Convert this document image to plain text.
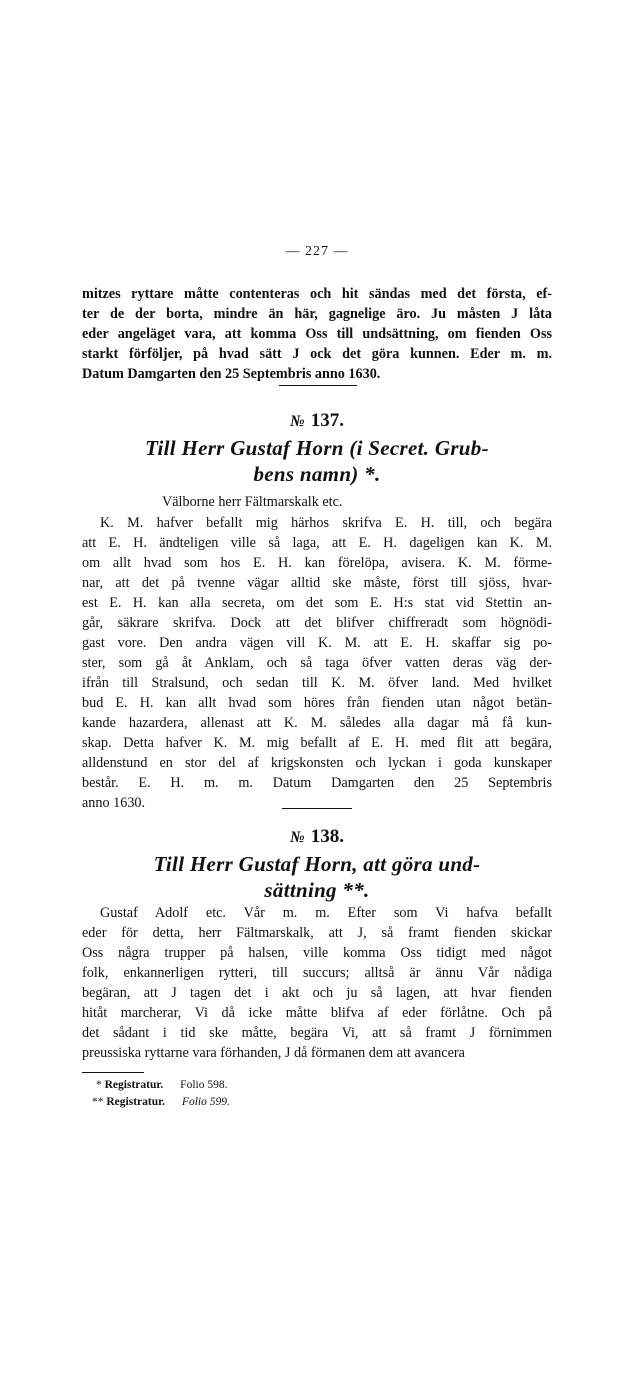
— 227 —
mitzes ryttare måtte contenteras och hit sändas med det första, ef-
ter de der borta, mindre än här, gagnelige äro. Ju måsten J låta
eder angeläget vara, att komma Oss till undsättning, om fienden Oss
starkt förföljer, på hvad sätt J ock det göra kunnen. Eder m. m.
Datum Damgarten den 25 Septembris anno 1630.
№ 137.
Till Herr Gustaf Horn (i Secret. Grub-
bens namn) *.
Välborne herr Fältmarskalk etc.
K. M. hafver befallt mig härhos skrifva E. H. till, och begära
att E. H. ändteligen ville så laga, att E. H. dageligen kan K. M.
om allt hvad som hos E. H. kan förelöpa, avisera. K. M. förme-
nar, att det på tvenne vägar alltid ske måste, först till sjöss, hvar-
est E. H. kan alla secreta, om det som E. H:s stat vid Stettin an-
går, säkrare skrifva. Dock att det blifver chiffreradt som högnödi-
gast vore. Den andra vägen vill K. M. att E. H. skaffar sig po-
ster, som gå åt Anklam, och så taga öfver vatten deras väg der-
ifrån till Stralsund, och sedan till K. M. öfver land. Med hvilket
bud E. H. kan allt hvad som höres från fienden utan något betän-
kande hazardera, allenast att K. M. således alla dagar må få kun-
skap. Detta hafver K. M. mig befallt af E. H. med flit att begära,
alldenstund en stor del af krigskonsten och lyckan i goda kunskaper
består. E. H. m. m. Datum Damgarten den 25 Septembris
anno 1630.
№ 138.
Till Herr Gustaf Horn, att göra und-
sättning **.
Gustaf Adolf etc. Vår m. m. Efter som Vi hafva befallt
eder för detta, herr Fältmarskalk, att J, så framt fienden skickar
Oss några trupper på halsen, ville komma Oss tidigt med något
folk, enkannerligen rytteri, till succurs; alltså är ännu Vår nådiga
begäran, att J tagen det i akt och ju så lagen, att hvar fienden
hitåt marcherar, Vi då icke måtte blifva af eder förlåtne. Och på
det sådant i tid ske måtte, begära Vi, att så framt J förnimmen
preussiska ryttarne vara förhanden, J då förmanen dem att avancera
* Registratur. Folio 598.
** Registratur. Folio 599.
